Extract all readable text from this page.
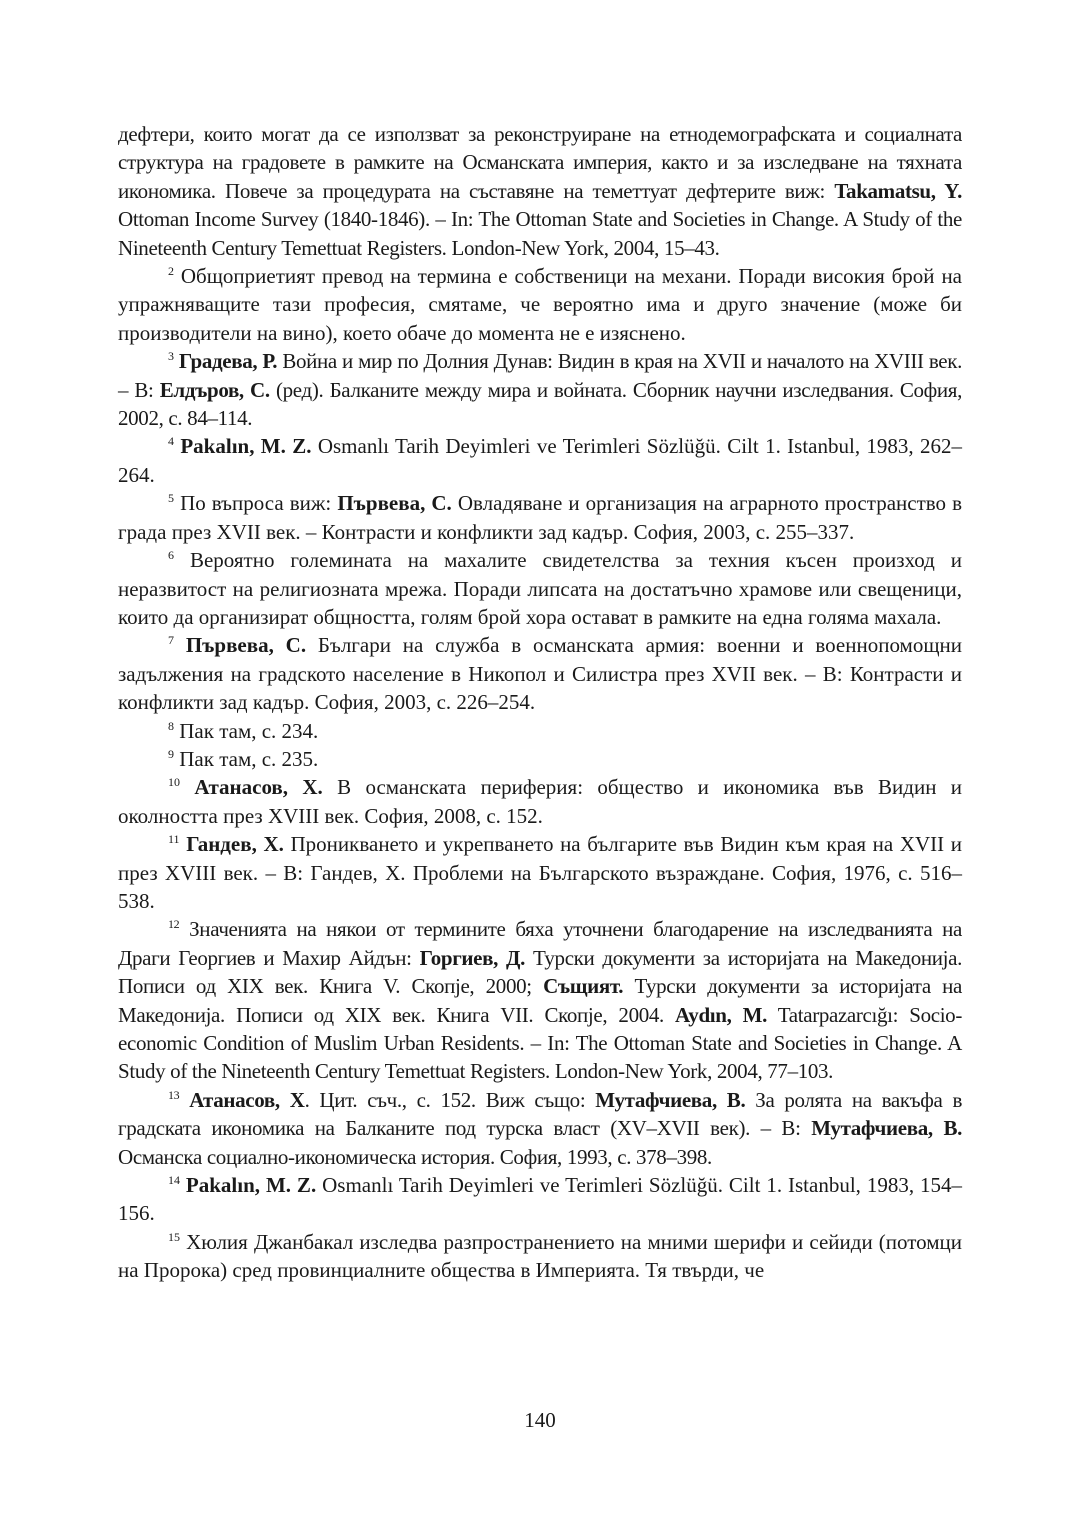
дефтери, които могат да се използват за реконструиране на етнодемографската и социалната структура на градовете в рамките на Османската империя, както и за изследване на тяхната икономика. Повече за процедурата на съставяне на теметтуат дефтерите виж: Takamatsu, Y. Ottoman Income Survey (1840-1846). – In: The Ottoman State and Societies in Change. A Study of the Nineteenth Century Temettuat Registers. London-New York, 2004, 15–43.

$^2$ Общоприетият превод на термина е собственици на механи. Поради високия брой на упражняващите тази професия, смятаме, че вероятно има и друго значение (може би производители на вино), което обаче до момента не е изяснено.

$^3$ Градева, Р. Война и мир по Долния Дунав: Видин в края на XVII и началото на XVIII век. – В: Елдъров, С. (ред). Балканите между мира и войната. Сборник научни изследвания. София, 2002, с. 84–114.

$^4$ Pakalın, M. Z. Osmanlı Tarih Deyimleri ve Terimleri Sözlüğü. Cilt 1. Istanbul, 1983, 262–264.

$^5$ По въпроса виж: Първева, С. Овладяване и организация на аграрното пространство в града през XVII век. – Контрасти и конфликти зад кадър. София, 2003, с. 255–337.

$^6$ Вероятно големината на махалите свидетелства за техния късен произход и неразвитост на религиозната мрежа. Поради липсата на достатъчно храмове или свещеници, които да организират общността, голям брой хора остават в рамките на една голяма махала.

$^7$ Първева, С. Българи на служба в османската армия: военни и военнопомощни задължения на градското население в Никопол и Силистра през XVII век. – В: Контрасти и конфликти зад кадър. София, 2003, с. 226–254.

$^8$ Пак там, с. 234.

$^9$ Пак там, с. 235.

$^{10}$ Атанасов, Х. В османската периферия: общество и икономика във Видин и околността през XVIII век. София, 2008, с. 152.

$^{11}$ Гандев, Х. Проникването и укрепването на българите във Видин към края на XVII и през XVIII век. – В: Гандев, Х. Проблеми на Българското възраждане. София, 1976, с. 516–538.

$^{12}$ Значенията на някои от термините бяха уточнени благодарение на изследванията на Драги Георгиев и Махир Айдън: Горгиев, Д. Турски документи за историјата на Македонија. Пописи од XIX век. Книга V. Скопје, 2000; Същият. Турски документи за историјата на Македонија. Пописи од XIX век. Книга VII. Скопје, 2004. Aydın, M. Tatarpazarcığı: Socio-economic Condition of Muslim Urban Residents. – In: The Ottoman State and Societies in Change. A Study of the Nineteenth Century Temettuat Registers. London-New York, 2004, 77–103.

$^{13}$ Атанасов, Х. Цит. съч., с. 152. Виж също: Мутафчиева, В. За ролята на вакъфа в градската икономика на Балканите под турска власт (XV–XVII век). – В: Мутафчиева, В. Османска социално-икономическа история. София, 1993, с. 378–398.

$^{14}$ Pakalın, M. Z. Osmanlı Tarih Deyimleri ve Terimleri Sözlüğü. Cilt 1. Istanbul, 1983, 154–156.

$^{15}$ Хюлия Джанбакал изследва разпространението на мними шерифи и сейиди (потомци на Пророка) сред провинциалните общества в Империята. Тя твърди, че

140
